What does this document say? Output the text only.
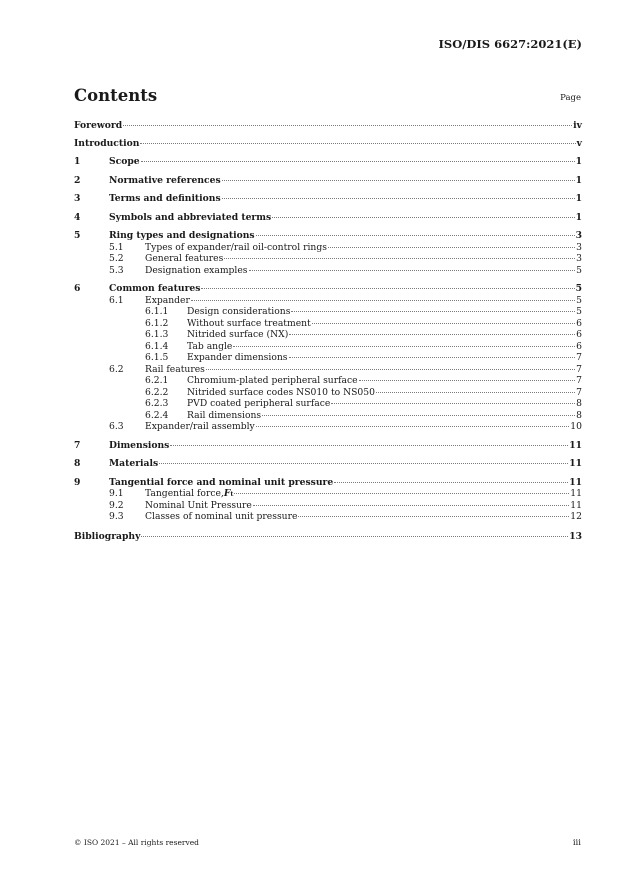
ISO/DIS 6627:2021(E)
Contents	Page
Foreword	iv
Introduction	v
1	Scope	1
2	Normative references	1
3	Terms and definitions	1
4	Symbols and abbreviated terms	1
5	Ring types and designations	3
5.1	Types of expander/rail oil-control rings	3
5.2	General features	3
5.3	Designation examples	5
6	Common features	5
6.1	Expander	5
6.1.1	Design considerations	5
6.1.2	Without surface treatment	6
6.1.3	Nitrided surface (NX)	6
6.1.4	Tab angle	6
6.1.5	Expander dimensions	7
6.2	Rail features	7
6.2.1	Chromium-plated peripheral surface	7
6.2.2	Nitrided surface codes NS010 to NS050	7
6.2.3	PVD coated peripheral surface	8
6.2.4	Rail dimensions	8
6.3	Expander/rail assembly	10
7	Dimensions	11
8	Materials	11
9	Tangential force and nominal unit pressure	11
9.1	Tangential force, F t	11
9.2	Nominal Unit Pressure	11
9.3	Classes of nominal unit pressure	12
Bibliography	13
© ISO 2021 – All rights reserved	iii
